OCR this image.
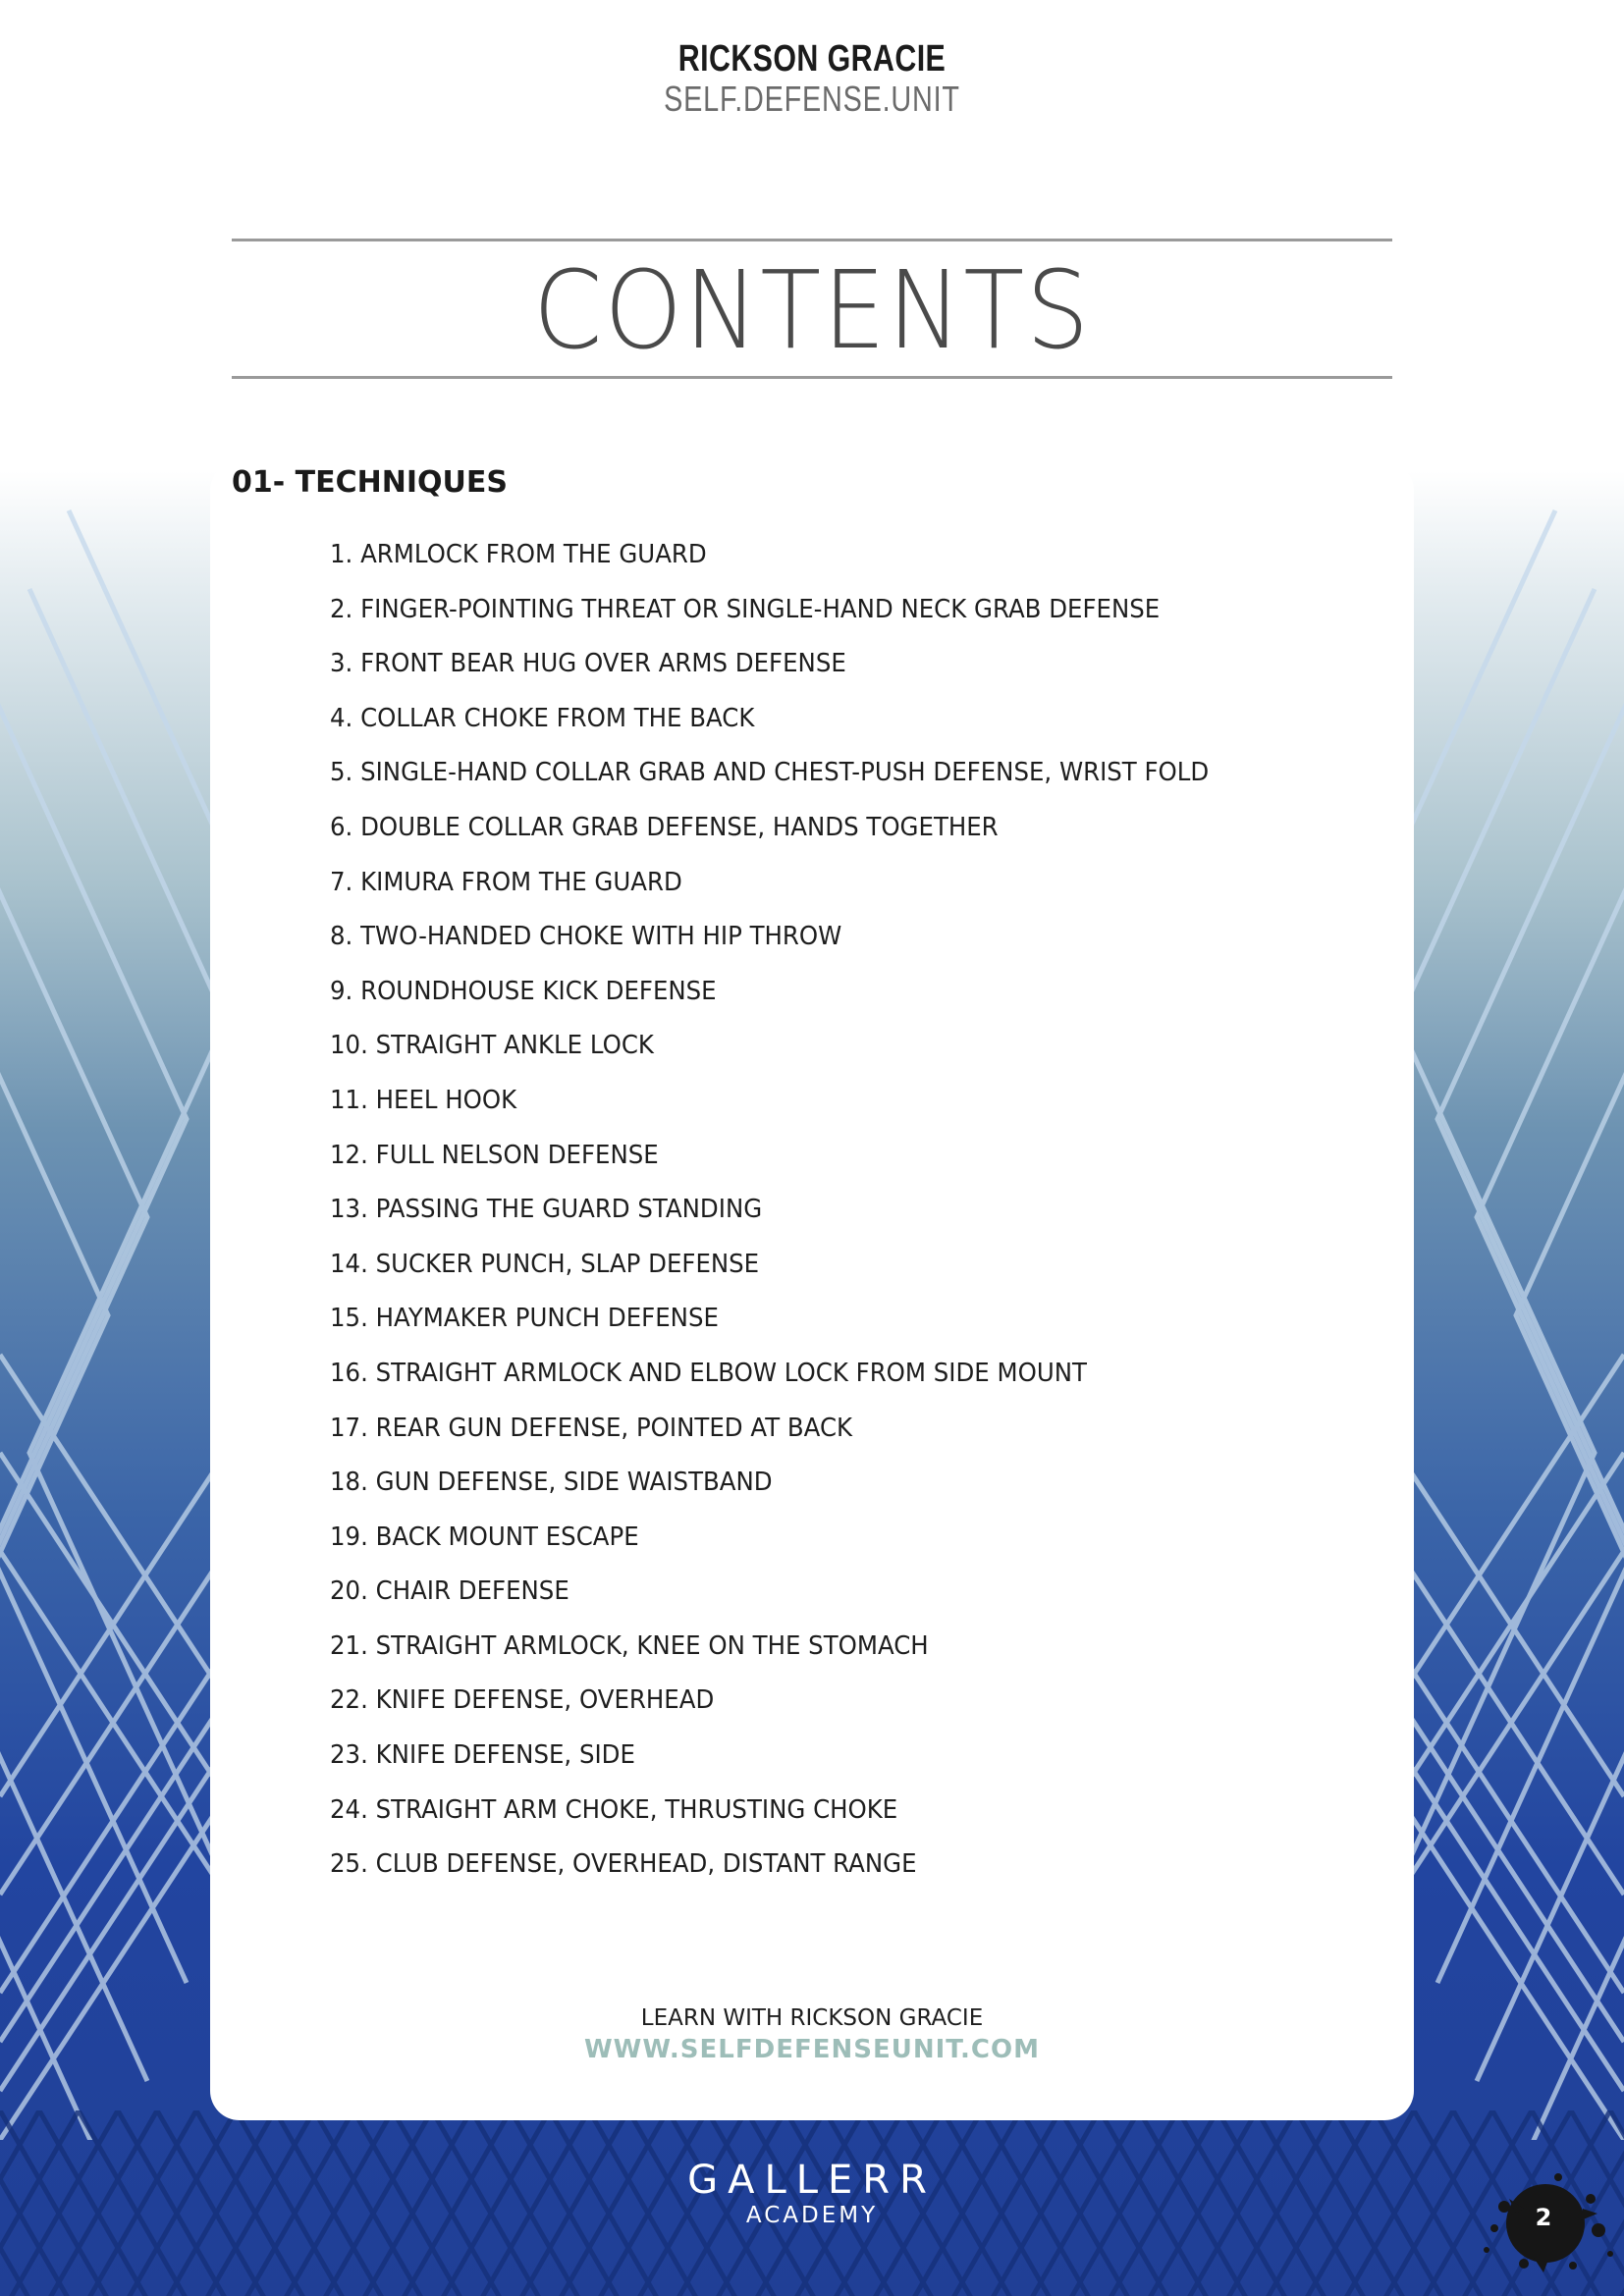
RICKSON GRACIE
SELF.DEFENSE.UNIT
CONTENTS
01- TECHNIQUES
1. ARMLOCK FROM THE GUARD
2. FINGER-POINTING THREAT OR SINGLE-HAND NECK GRAB DEFENSE
3. FRONT BEAR HUG OVER ARMS DEFENSE
4. COLLAR CHOKE FROM THE BACK
5. SINGLE-HAND COLLAR GRAB AND CHEST-PUSH DEFENSE, WRIST FOLD
6. DOUBLE COLLAR GRAB DEFENSE, HANDS TOGETHER
7. KIMURA FROM THE GUARD
8. TWO-HANDED CHOKE WITH HIP THROW
9. ROUNDHOUSE KICK DEFENSE
10. STRAIGHT ANKLE LOCK
11. HEEL HOOK
12. FULL NELSON DEFENSE
13. PASSING THE GUARD STANDING
14. SUCKER PUNCH, SLAP DEFENSE
15. HAYMAKER PUNCH DEFENSE
16. STRAIGHT ARMLOCK AND ELBOW LOCK FROM SIDE MOUNT
17. REAR GUN DEFENSE, POINTED AT BACK
18. GUN DEFENSE, SIDE WAISTBAND
19. BACK MOUNT ESCAPE
20. CHAIR DEFENSE
21. STRAIGHT ARMLOCK, KNEE ON THE STOMACH
22. KNIFE DEFENSE, OVERHEAD
23. KNIFE DEFENSE, SIDE
24. STRAIGHT ARM CHOKE, THRUSTING CHOKE
25. CLUB DEFENSE, OVERHEAD, DISTANT RANGE
LEARN WITH RICKSON GRACIE
WWW.SELFDEFENSEUNIT.COM
GALLERR
ACADEMY	2
